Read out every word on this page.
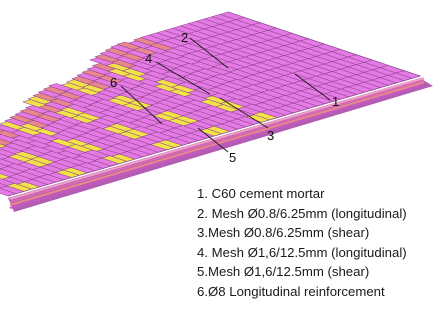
1
2
3
4
5
6
1. C60 cement mortar
2. Mesh Ø0.8/6.25mm (longitudinal)
3.Mesh Ø0.8/6.25mm (shear)
4. Mesh Ø1,6/12.5mm (longitudinal)
5.Mesh Ø1,6/12.5mm (shear)
6.Ø8 Longitudinal reinforcement
